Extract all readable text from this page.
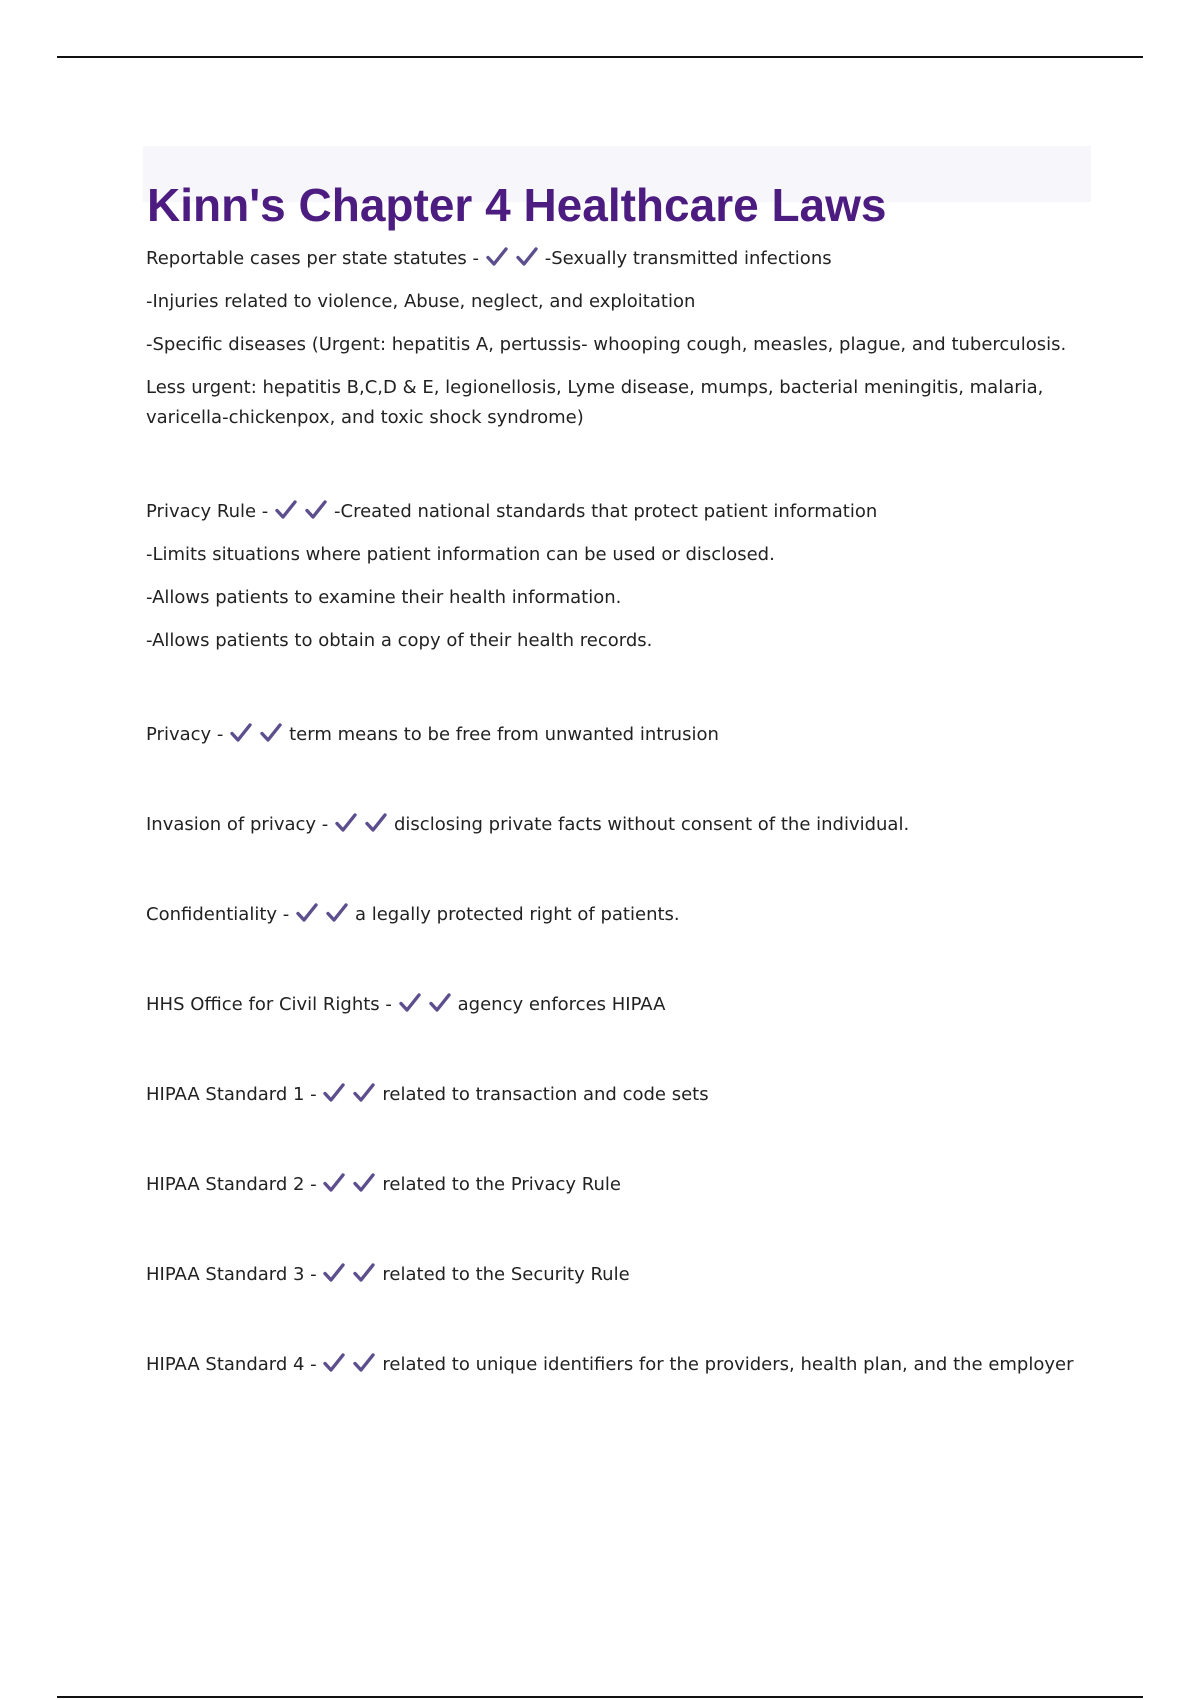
Kinn's Chapter 4 Healthcare Laws

Reportable cases per state statutes -	-Sexually transmitted infections

-Injuries related to violence, Abuse, neglect, and exploitation

-Specific diseases (Urgent: hepatitis A, pertussis- whooping cough, measles, plague, and tuberculosis.

Less urgent: hepatitis B,C,D & E, legionellosis, Lyme disease, mumps, bacterial meningitis, malaria, varicella-chickenpox, and toxic shock syndrome)

Privacy Rule -	-Created national standards that protect patient information

-Limits situations where patient information can be used or disclosed.

-Allows patients to examine their health information.

-Allows patients to obtain a copy of their health records.

Privacy -	term means to be free from unwanted intrusion

Invasion of privacy -	disclosing private facts without consent of the individual.

Confidentiality -	a legally protected right of patients.

HHS Office for Civil Rights -	agency enforces HIPAA

HIPAA Standard 1 -	related to transaction and code sets

HIPAA Standard 2 -	related to the Privacy Rule

HIPAA Standard 3 -	related to the Security Rule

HIPAA Standard 4 -	related to unique identifiers for the providers, health plan, and the employer
